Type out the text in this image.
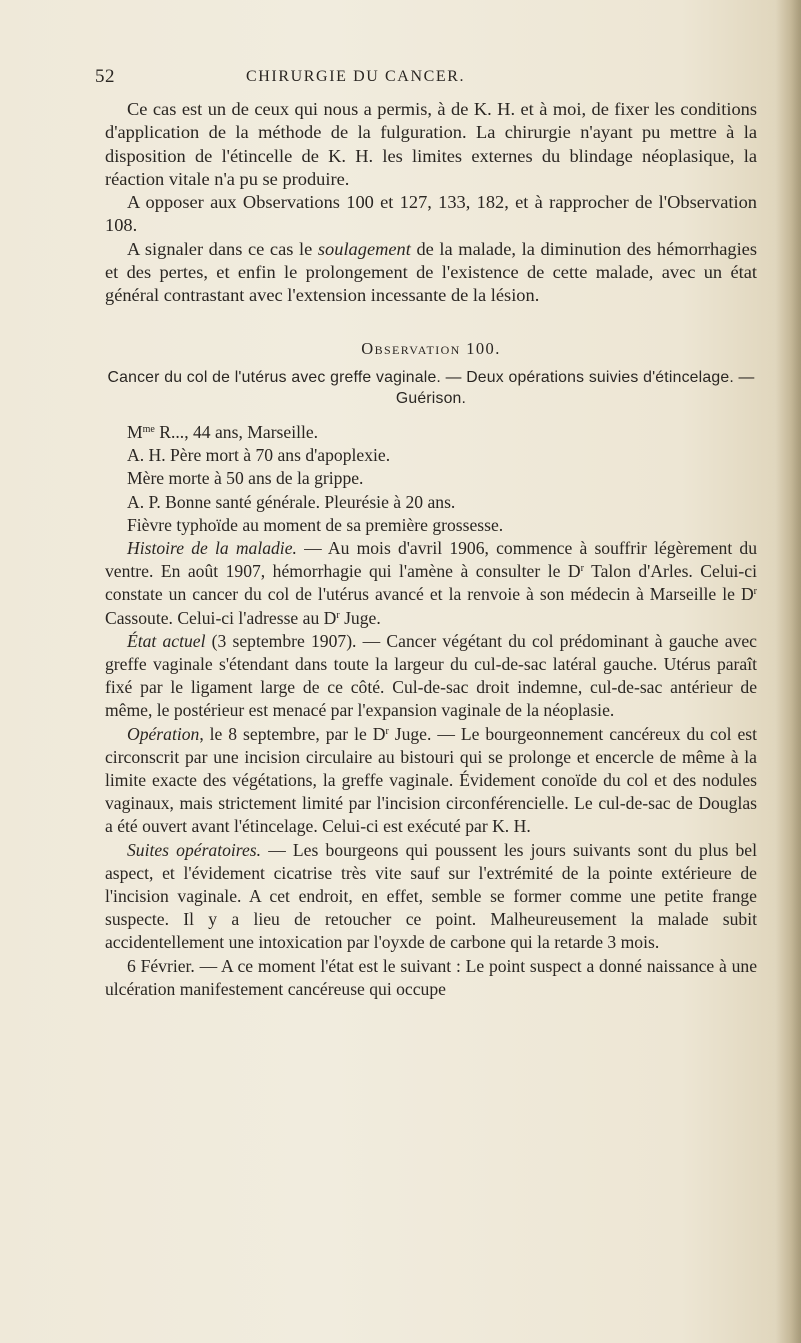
52	CHIRURGIE DU CANCER.

Ce cas est un de ceux qui nous a permis, à de K. H. et à moi, de fixer les conditions d'application de la méthode de la fulguration. La chirurgie n'ayant pu mettre à la disposition de l'étincelle de K. H. les limites externes du blindage néoplasique, la réaction vitale n'a pu se produire.

A opposer aux Observations 100 et 127, 133, 182, et à rapprocher de l'Observation 108.

A signaler dans ce cas le soulagement de la malade, la diminution des hémorrhagies et des pertes, et enfin le prolongement de l'existence de cette malade, avec un état général contrastant avec l'extension incessante de la lésion.

Observation 100.
Cancer du col de l'utérus avec greffe vaginale. — Deux opérations suivies d'étincelage. — Guérison.

$M^{me}$ R..., 44 ans, Marseille.

A. H. Père mort à 70 ans d'apoplexie.

Mère morte à 50 ans de la grippe.

A. P. Bonne santé générale. Pleurésie à 20 ans.

Fièvre typhoïde au moment de sa première grossesse.

Histoire de la maladie. — Au mois d'avril 1906, commence à souffrir légèrement du ventre. En août 1907, hémorrhagie qui l'amène à consulter le $D^r$ Talon d'Arles. Celui-ci constate un cancer du col de l'utérus avancé et la renvoie à son médecin à Marseille le $D^r$ Cassoute. Celui-ci l'adresse au $D^r$ Juge.

État actuel (3 septembre 1907). — Cancer végétant du col prédominant à gauche avec greffe vaginale s'étendant dans toute la largeur du cul-de-sac latéral gauche. Utérus paraît fixé par le ligament large de ce côté. Cul-de-sac droit indemne, cul-de-sac antérieur de même, le postérieur est menacé par l'expansion vaginale de la néoplasie.

Opération, le 8 septembre, par le $D^r$ Juge. — Le bourgeonnement cancéreux du col est circonscrit par une incision circulaire au bistouri qui se prolonge et encercle de même à la limite exacte des végétations, la greffe vaginale. Évidement conoïde du col et des nodules vaginaux, mais strictement limité par l'incision circonférencielle. Le cul-de-sac de Douglas a été ouvert avant l'étincelage. Celui-ci est exécuté par K. H.

Suites opératoires. — Les bourgeons qui poussent les jours suivants sont du plus bel aspect, et l'évidement cicatrise très vite sauf sur l'extrémité de la pointe extérieure de l'incision vaginale. A cet endroit, en effet, semble se former comme une petite frange suspecte. Il y a lieu de retoucher ce point. Malheureusement la malade subit accidentellement une intoxication par l'oyxde de carbone qui la retarde 3 mois.

6 Février. — A ce moment l'état est le suivant : Le point suspect a donné naissance à une ulcération manifestement cancéreuse qui occupe
